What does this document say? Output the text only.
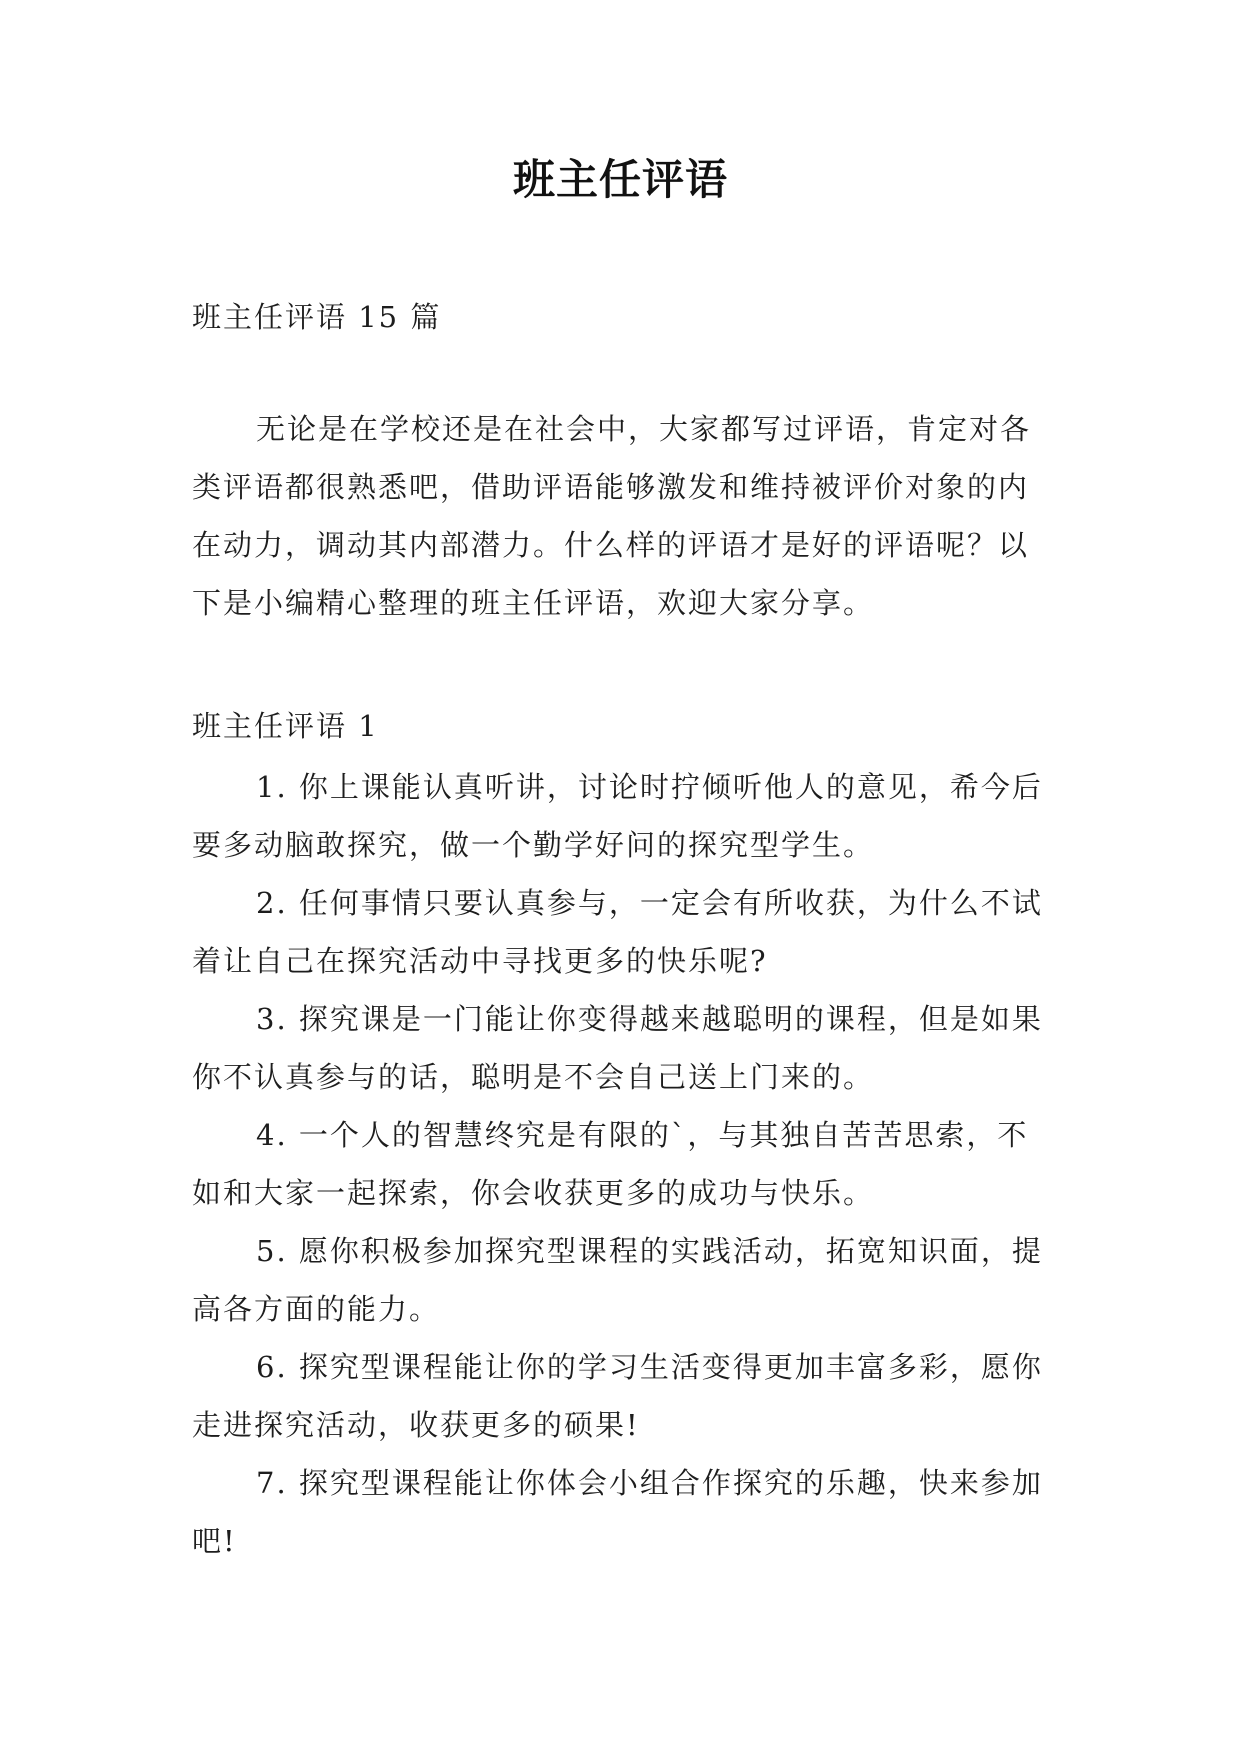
班主任评语
班主任评语 15 篇
无论是在学校还是在社会中，大家都写过评语，肯定对各类评语都很熟悉吧，借助评语能够激发和维持被评价对象的内在动力，调动其内部潜力。什么样的评语才是好的评语呢？以下是小编精心整理的班主任评语，欢迎大家分享。
班主任评语 1

1. 你上课能认真听讲，讨论时拧倾听他人的意见，希今后要多动脑敢探究，做一个勤学好问的探究型学生。

2. 任何事情只要认真参与，一定会有所收获，为什么不试着让自己在探究活动中寻找更多的快乐呢?

3. 探究课是一门能让你变得越来越聪明的课程，但是如果你不认真参与的话，聪明是不会自己送上门来的。

4. 一个人的智慧终究是有限的`，与其独自苦苦思索，不如和大家一起探索，你会收获更多的成功与快乐。

5. 愿你积极参加探究型课程的实践活动，拓宽知识面，提高各方面的能力。

6. 探究型课程能让你的学习生活变得更加丰富多彩，愿你走进探究活动，收获更多的硕果!

7. 探究型课程能让你体会小组合作探究的乐趣，快来参加吧!
